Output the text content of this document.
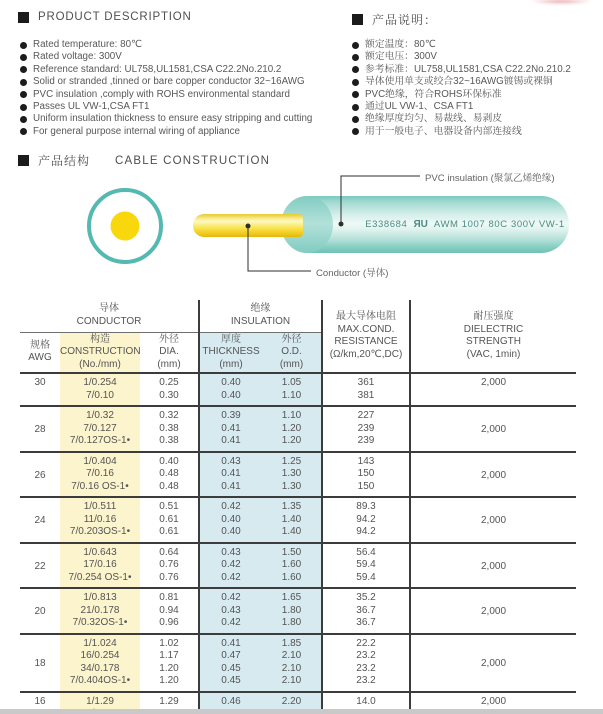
PRODUCT DESCRIPTION	产品说明：
Rated temperature: 80℃
Rated voltage: 300V
Reference standard: UL758,UL1581,CSA C22.2No.210.2
Solid or stranded ,tinned or bare copper conductor 32~16AWG
PVC insulation ,comply with ROHS environmental standard
Passes UL VW-1,CSA FT1
Uniform insulation thickness to ensure easy stripping and cutting
For general purpose internal wiring of appliance
额定温度：80℃
额定电压：300V
参考标准：UL758,UL1581,CSA C22.2No.210.2
导体使用单支或绞合32~16AWG镀锡或裸铜
PVC绝缘，符合ROHS环保标准
通过UL VW-1、CSA FT1
绝缘厚度均匀、易裁线、易剥皮
用于一般电子、电器设备内部连接线
产品结构 CABLE CONSTRUCTION
E338684 ЯU AWM 1007 80C 300V VW-1
PVC insulation (聚氯乙烯绝缘)
Conductor (导体)
导体
CONDUCTOR

绝缘
INSULATION	最大导体电阻
MAX.COND.
RESISTANCE
(Ω/km,20℃,DC)

耐压强度
DIELECTRIC
STRENGTH
(VAC, 1min)

规格
AWG

构造
CONSTRUCTION
(No./mm)

外径
DIA.
(mm)

厚度
THICKNESS
(mm)

外径
O.D.
(mm)

30	1/0.254	0.25	0.40	1.05	361	2,000
	7/0.10	0.30	0.40	1.10	381	
28	1/0.32	0.32	0.39	1.10	227	2,000
	7/0.127	0.38	0.41	1.20	239	
	7/0.127OS-1•	0.38	0.41	1.20	239	
26	1/0.404	0.40	0.43	1.25	143	2,000
	7/0.16	0.48	0.41	1.30	150	
	7/0.16 OS-1•	0.48	0.41	1.30	150	
24	1/0.511	0.51	0.42	1.35	89.3	2,000
	11/0.16	0.61	0.40	1.40	94.2	
	7/0.203OS-1•	0.61	0.40	1.40	94.2	
22	1/0.643	0.64	0.43	1.50	56.4	2,000
	17/0.16	0.76	0.42	1.60	59.4	
	7/0.254 OS-1•	0.76	0.42	1.60	59.4	
20	1/0.813	0.81	0.42	1.65	35.2	2,000
	21/0.178	0.94	0.43	1.80	36.7	
	7/0.32OS-1•	0.96	0.42	1.80	36.7	
18	1/1.024	1.02	0.41	1.85	22.2	2,000
	16/0.254	1.17	0.47	2.10	23.2	
	34/0.178	1.20	0.45	2.10	23.2	
	7/0.404OS-1•	1.20	0.45	2.10	23.2	
16	1/1.29	1.29	0.46	2.20	14.0	2,000
